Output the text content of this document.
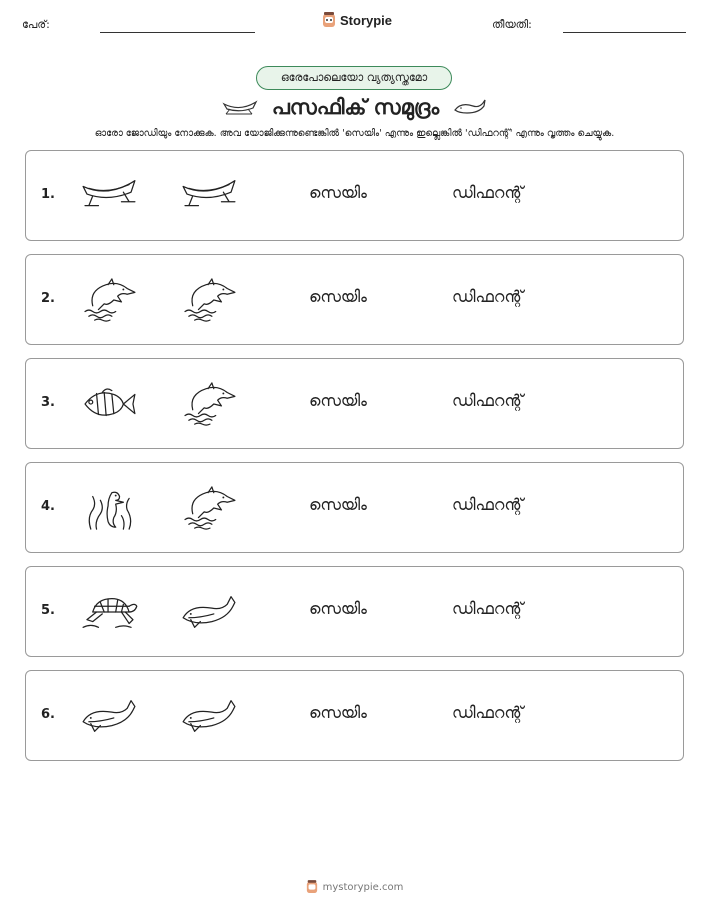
പേര്:	Storypie	തീയതി:
ഒരേപോലെയോ വ്യത്യസ്തമോ
പസഫിക് സമുദ്രം
ഓരോ ജോഡിയും നോക്കുക. അവ യോജിക്കുന്നുണ്ടെങ്കിൽ 'സെയിം' എന്നും ഇല്ലെങ്കിൽ 'ഡിഫറന്റ്' എന്നും വൃത്തം ചെയ്യുക.
1.	സെയിം	ഡിഫറന്റ്
2.	സെയിം	ഡിഫറന്റ്
3.	സെയിം	ഡിഫറന്റ്
4.	സെയിം	ഡിഫറന്റ്
5.	സെയിം	ഡിഫറന്റ്
6.	സെയിം	ഡിഫറന്റ്
mystorypie.com
